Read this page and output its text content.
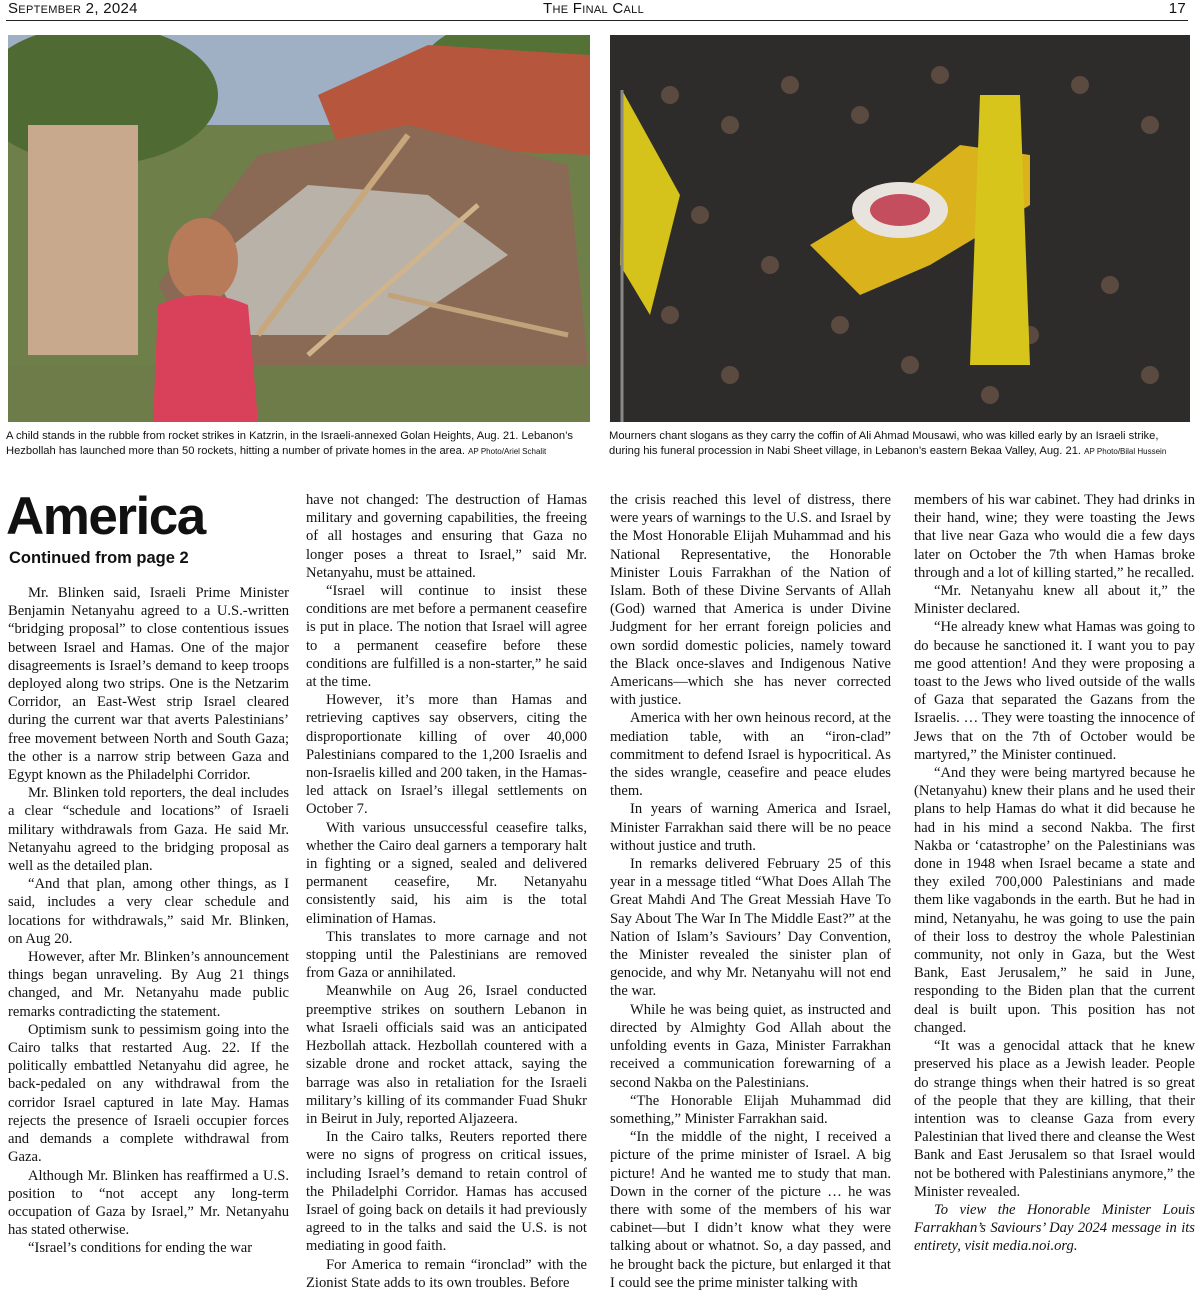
September 2, 2024	The Final Call	17
A child stands in the rubble from rocket strikes in Katzrin, in the Israeli-annexed Golan Heights, Aug. 21. Lebanon’s Hezbollah has launched more than 50 rockets, hitting a number of private homes in the area. AP Photo/Ariel Schalit
Mourners chant slogans as they carry the coffin of Ali Ahmad Mousawi, who was killed early by an Israeli strike, during his funeral procession in Nabi Sheet village, in Lebanon’s eastern Bekaa Valley, Aug. 21. AP Photo/Bilal Hussein
America
Continued from page 2

Mr. Blinken said, Israeli Prime Minister Benjamin Netanyahu agreed to a U.S.-written “bridging proposal” to close contentious issues between Israel and Hamas. One of the major disagreements is Israel’s demand to keep troops deployed along two strips. One is the Netzarim Corridor, an East-West strip Israel cleared during the current war that averts Palestinians’ free movement between North and South Gaza; the other is a narrow strip between Gaza and Egypt known as the Philadelphi Corridor.

Mr. Blinken told reporters, the deal includes a clear “schedule and locations” of Israeli military withdrawals from Gaza. He said Mr. Netanyahu agreed to the bridging proposal as well as the detailed plan.

“And that plan, among other things, as I said, includes a very clear schedule and locations for withdrawals,” said Mr. Blinken, on Aug 20.

However, after Mr. Blinken’s announcement things began unraveling. By Aug 21 things changed, and Mr. Netanyahu made public remarks contradicting the statement.

Optimism sunk to pessimism going into the Cairo talks that restarted Aug. 22. If the politically embattled Netanyahu did agree, he back-pedaled on any withdrawal from the corridor Israel captured in late May. Hamas rejects the presence of Israeli occupier forces and demands a complete withdrawal from Gaza.

Although Mr. Blinken has reaffirmed a U.S. position to “not accept any long-term occupation of Gaza by Israel,” Mr. Netanyahu has stated otherwise.

“Israel’s conditions for ending the war

have not changed: The destruction of Hamas military and governing capabilities, the freeing of all hostages and ensuring that Gaza no longer poses a threat to Israel,” said Mr. Netanyahu, must be attained.

“Israel will continue to insist these conditions are met before a permanent ceasefire is put in place. The notion that Israel will agree to a permanent ceasefire before these conditions are fulfilled is a non-starter,” he said at the time.

However, it’s more than Hamas and retrieving captives say observers, citing the disproportionate killing of over 40,000 Palestinians compared to the 1,200 Israelis and non-Israelis killed and 200 taken, in the Hamas-led attack on Israel’s illegal settlements on October 7.

With various unsuccessful ceasefire talks, whether the Cairo deal garners a temporary halt in fighting or a signed, sealed and delivered permanent ceasefire, Mr. Netanyahu consistently said, his aim is the total elimination of Hamas.

This translates to more carnage and not stopping until the Palestinians are removed from Gaza or annihilated.

Meanwhile on Aug 26, Israel conducted preemptive strikes on southern Lebanon in what Israeli officials said was an anticipated Hezbollah attack. Hezbollah countered with a sizable drone and rocket attack, saying the barrage was also in retaliation for the Israeli military’s killing of its commander Fuad Shukr in Beirut in July, reported Aljazeera.

In the Cairo talks, Reuters reported there were no signs of progress on critical issues, including Israel’s demand to retain control of the Philadelphi Corridor. Hamas has accused Israel of going back on details it had previously agreed to in the talks and said the U.S. is not mediating in good faith.

For America to remain “ironclad” with the Zionist State adds to its own troubles. Before

the crisis reached this level of distress, there were years of warnings to the U.S. and Israel by the Most Honorable Elijah Muhammad and his National Representative, the Honorable Minister Louis Farrakhan of the Nation of Islam. Both of these Divine Servants of Allah (God) warned that America is under Divine Judgment for her errant foreign policies and own sordid domestic policies, namely toward the Black once-slaves and Indigenous Native Americans—which she has never corrected with justice.

America with her own heinous record, at the mediation table, with an “iron-clad” commitment to defend Israel is hypocritical. As the sides wrangle, ceasefire and peace eludes them.

In years of warning America and Israel, Minister Farrakhan said there will be no peace without justice and truth.

In remarks delivered February 25 of this year in a message titled “What Does Allah The Great Mahdi And The Great Messiah Have To Say About The War In The Middle East?” at the Nation of Islam’s Saviours’ Day Convention, the Minister revealed the sinister plan of genocide, and why Mr. Netanyahu will not end the war.

While he was being quiet, as instructed and directed by Almighty God Allah about the unfolding events in Gaza, Minister Farrakhan received a communication forewarning of a second Nakba on the Palestinians.

“The Honorable Elijah Muhammad did something,” Minister Farrakhan said.

“In the middle of the night, I received a picture of the prime minister of Israel. A big picture! And he wanted me to study that man. Down in the corner of the picture … he was there with some of the members of his war cabinet—but I didn’t know what they were talking about or whatnot. So, a day passed, and he brought back the picture, but enlarged it that I could see the prime minister talking with

members of his war cabinet. They had drinks in their hand, wine; they were toasting the Jews that live near Gaza who would die a few days later on October the 7th when Hamas broke through and a lot of killing started,” he recalled.

“Mr. Netanyahu knew all about it,” the Minister declared.

“He already knew what Hamas was going to do because he sanctioned it. I want you to pay me good attention! And they were proposing a toast to the Jews who lived outside of the walls of Gaza that separated the Gazans from the Israelis. … They were toasting the innocence of Jews that on the 7th of October would be martyred,” the Minister continued.

“And they were being martyred because he (Netanyahu) knew their plans and he used their plans to help Hamas do what it did because he had in his mind a second Nakba. The first Nakba or ‘catastrophe’ on the Palestinians was done in 1948 when Israel became a state and they exiled 700,000 Palestinians and made them like vagabonds in the earth. But he had in mind, Netanyahu, he was going to use the pain of their loss to destroy the whole Palestinian community, not only in Gaza, but the West Bank, East Jerusalem,” he said in June, responding to the Biden plan that the current deal is built upon. This position has not changed.

“It was a genocidal attack that he knew preserved his place as a Jewish leader. People do strange things when their hatred is so great of the people that they are killing, that their intention was to cleanse Gaza from every Palestinian that lived there and cleanse the West Bank and East Jerusalem so that Israel would not be bothered with Palestinians anymore,” the Minister revealed.

To view the Honorable Minister Louis Farrakhan’s Saviours’ Day 2024 message in its entirety, visit media.noi.org.
